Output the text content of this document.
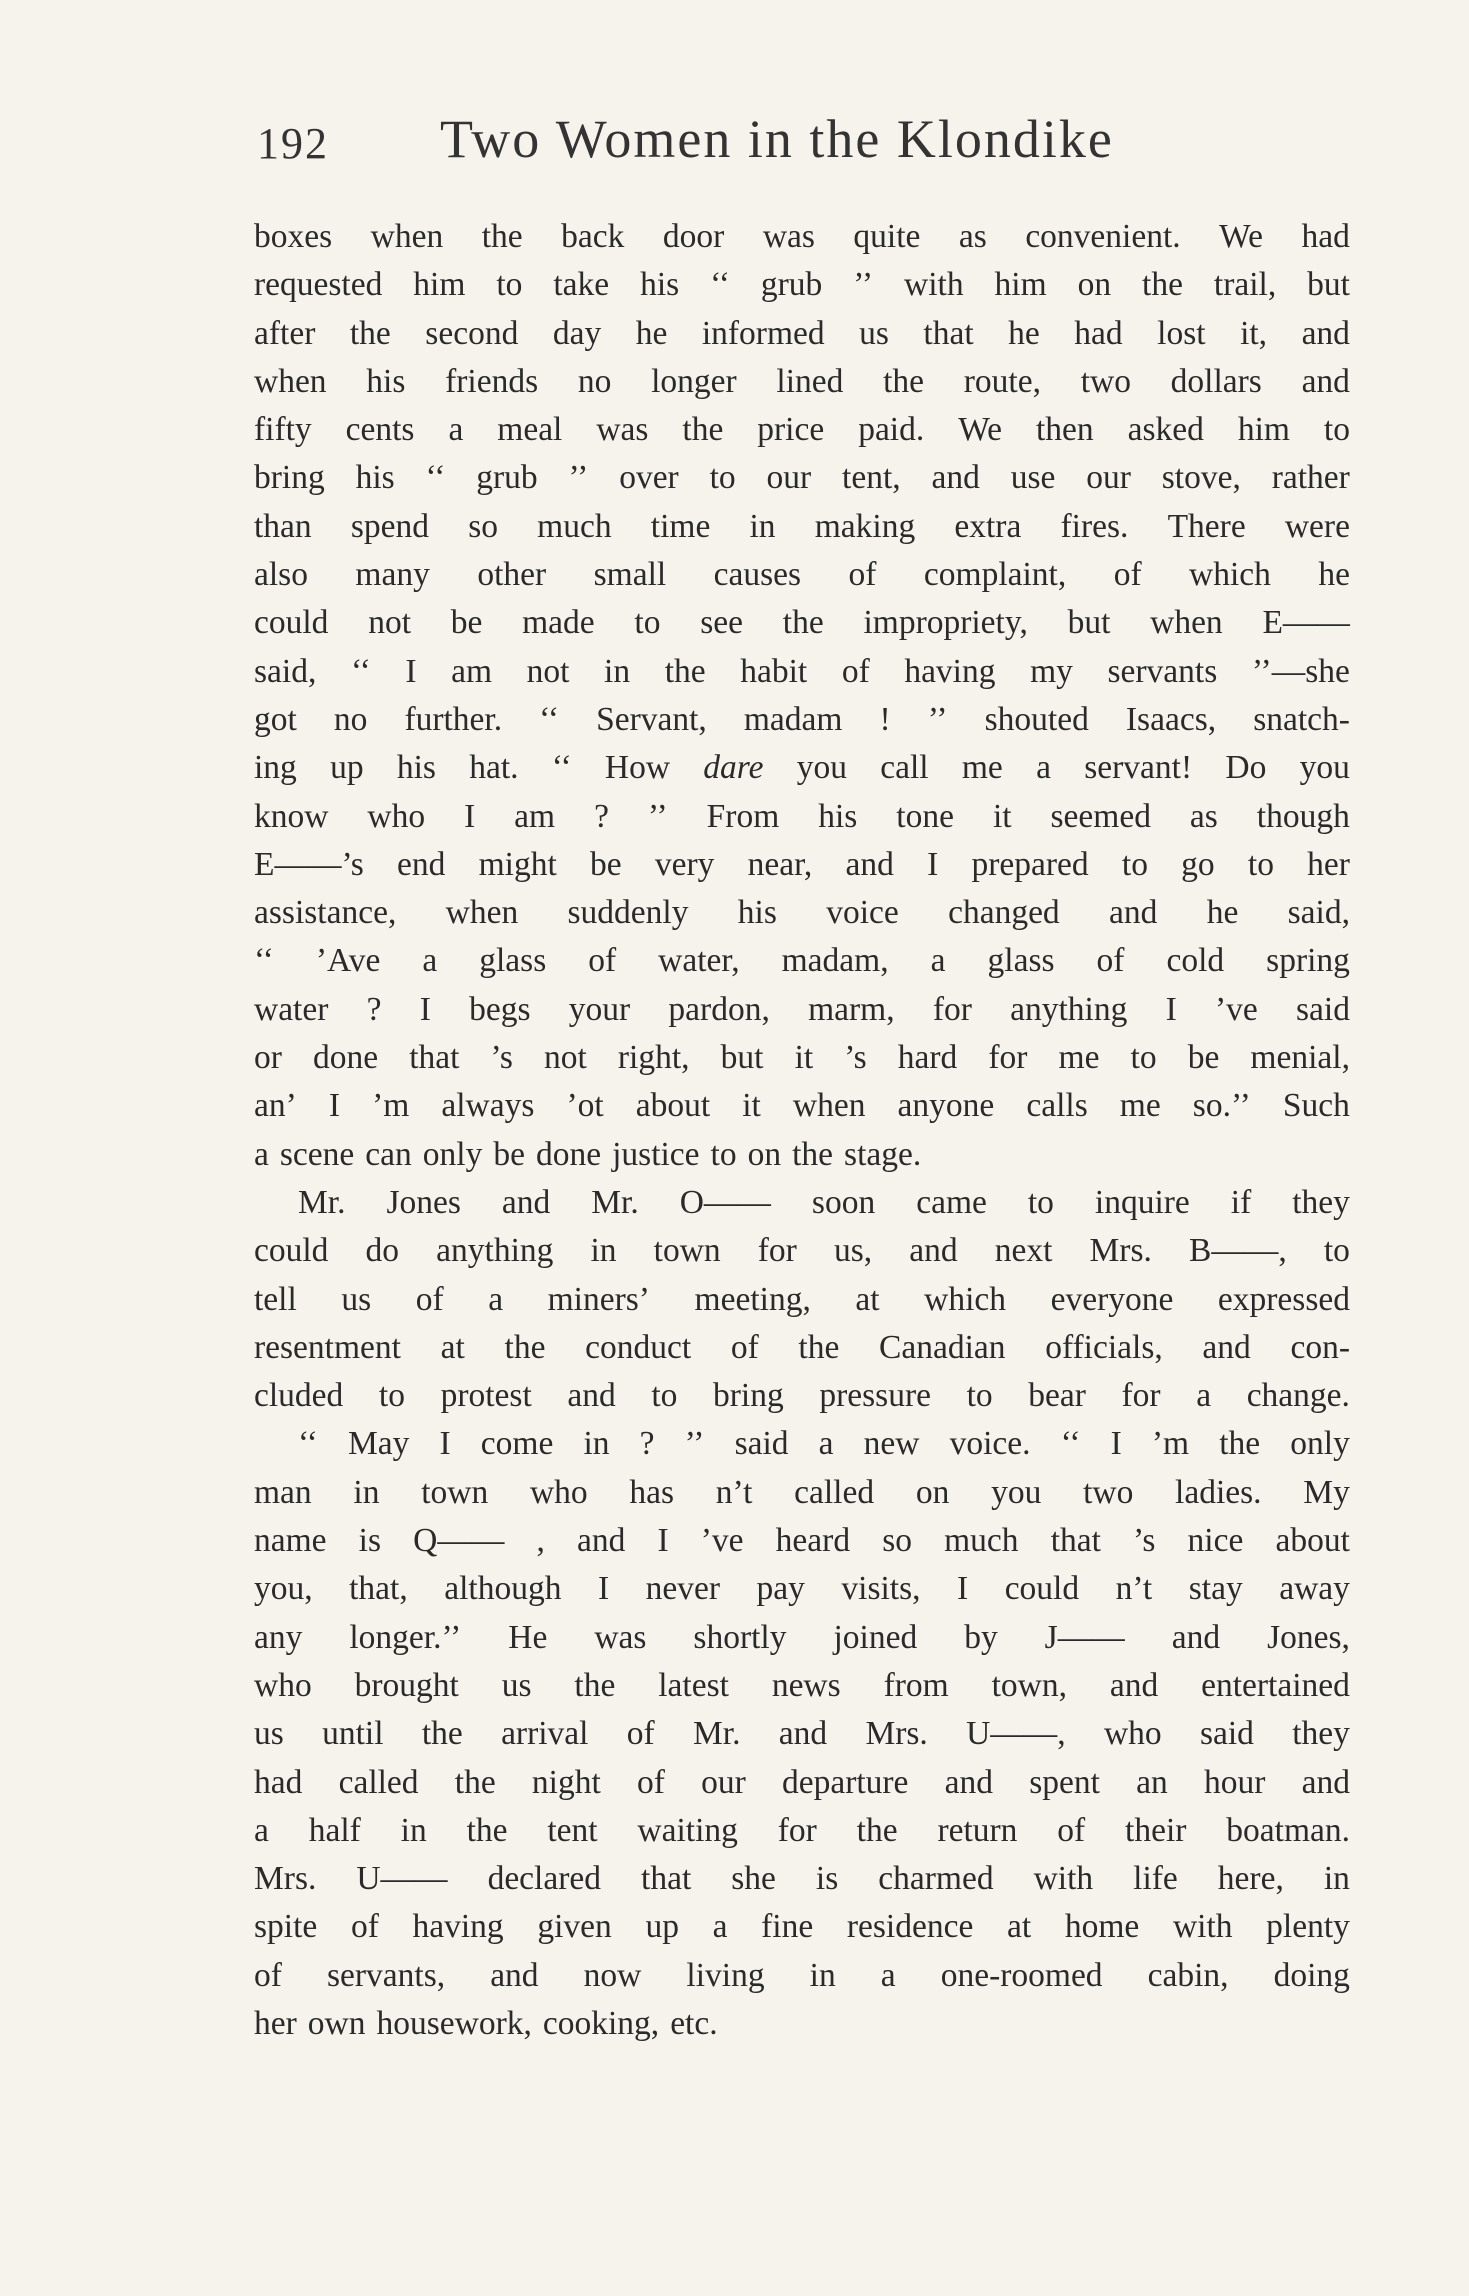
192 Two Women in the Klondike
boxes when the back door was quite as convenient. We had
requested him to take his ‘‘ grub ’’ with him on the trail, but
after the second day he informed us that he had lost it, and
when his friends no longer lined the route, two dollars and
fifty cents a meal was the price paid. We then asked him to
bring his ‘‘ grub ’’ over to our tent, and use our stove, rather
than spend so much time in making extra fires. There were
also many other small causes of complaint, of which he
could not be made to see the impropriety, but when E——
said, ‘‘ I am not in the habit of having my servants ’’—she
got no further. ‘‘ Servant, madam ! ’’ shouted Isaacs, snatch-
ing up his hat. ‘‘ How dare you call me a servant! Do you
know who I am ? ’’ From his tone it seemed as though
E——’s end might be very near, and I prepared to go to her
assistance, when suddenly his voice changed and he said,
‘‘ ’Ave a glass of water, madam, a glass of cold spring
water ? I begs your pardon, marm, for anything I ’ve said
or done that ’s not right, but it ’s hard for me to be menial,
an’ I ’m always ’ot about it when anyone calls me so.’’ Such
a scene can only be done justice to on the stage.
Mr. Jones and Mr. O—— soon came to inquire if they
could do anything in town for us, and next Mrs. B——, to
tell us of a miners’ meeting, at which everyone expressed
resentment at the conduct of the Canadian officials, and con-
cluded to protest and to bring pressure to bear for a change.
‘‘ May I come in ? ’’ said a new voice. ‘‘ I ’m the only
man in town who has n’t called on you two ladies. My
name is Q—— , and I ’ve heard so much that ’s nice about
you, that, although I never pay visits, I could n’t stay away
any longer.’’ He was shortly joined by J—— and Jones,
who brought us the latest news from town, and entertained
us until the arrival of Mr. and Mrs. U——, who said they
had called the night of our departure and spent an hour and
a half in the tent waiting for the return of their boatman.
Mrs. U—— declared that she is charmed with life here, in
spite of having given up a fine residence at home with plenty
of servants, and now living in a one-roomed cabin, doing
her own housework, cooking, etc.
